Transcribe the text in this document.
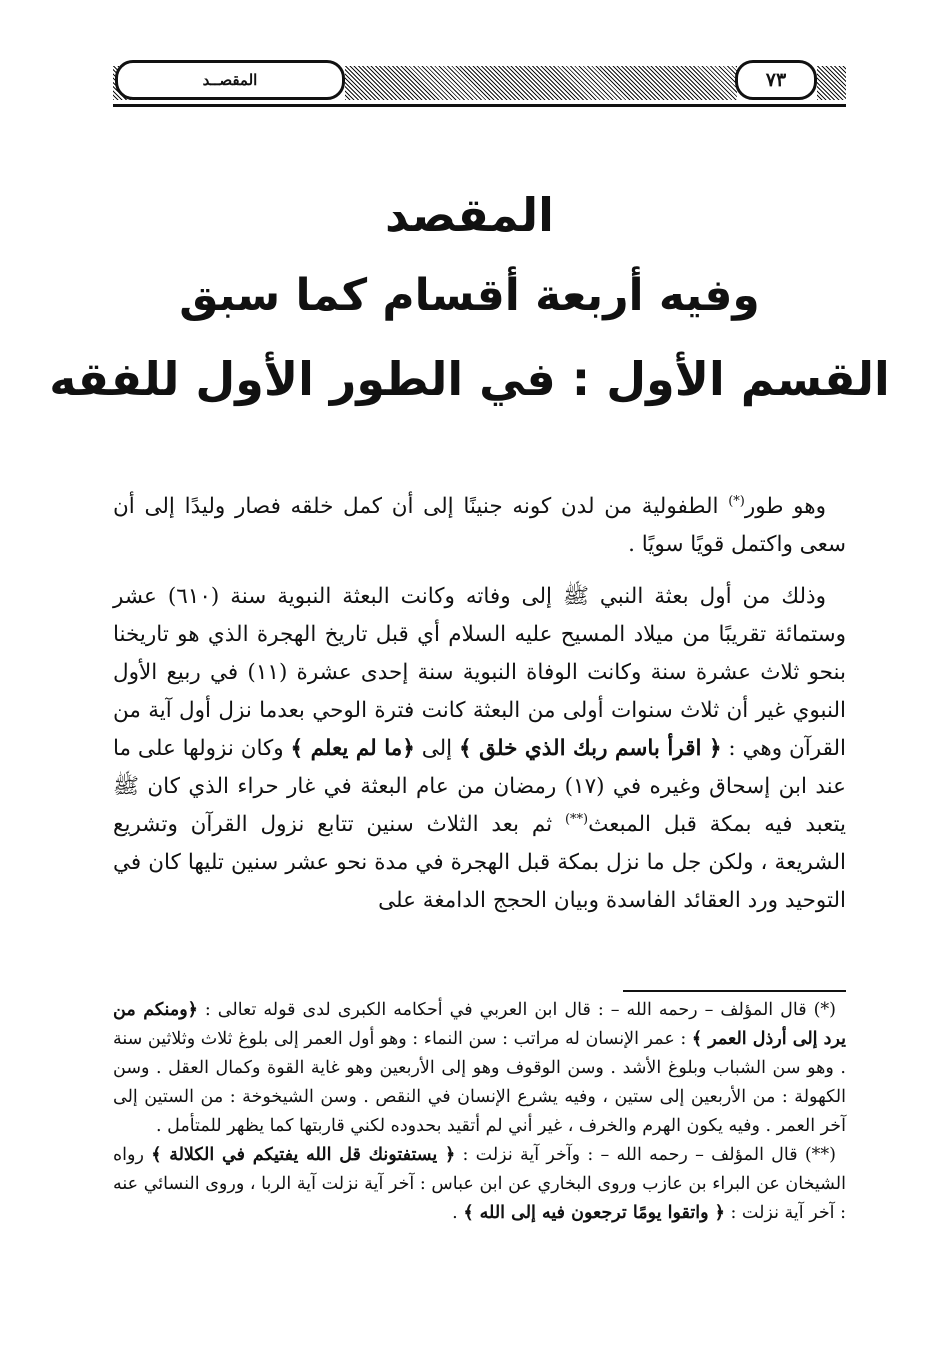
المقصــد	٧٣
المقصد
وفيه أربعة أقسام كما سبق
القسم الأول : في الطور الأول للفقه

وهو طور(*) الطفولية من لدن كونه جنينًا إلى أن كمل خلقه فصار وليدًا إلى أن سعى واكتمل قويًا سويًا .

وذلك من أول بعثة النبي ﷺ إلى وفاته وكانت البعثة النبوية سنة (٦١٠) عشر وستمائة تقريبًا من ميلاد المسيح عليه السلام أي قبل تاريخ الهجرة الذي هو تاريخنا بنحو ثلاث عشرة سنة وكانت الوفاة النبوية سنة إحدى عشرة (١١) في ربيع الأول النبوي غير أن ثلاث سنوات أولى من البعثة كانت فترة الوحي بعدما نزل أول آية من القرآن وهي : ﴿ اقرأ باسم ربك الذي خلق ﴾ إلى ﴿ما لم يعلم ﴾ وكان نزولها على ما عند ابن إسحاق وغيره في (١٧) رمضان من عام البعثة في غار حراء الذي كان ﷺ يتعبد فيه بمكة قبل المبعث(**) ثم بعد الثلاث سنين تتابع نزول القرآن وتشريع الشريعة ، ولكن جل ما نزل بمكة قبل الهجرة في مدة نحو عشر سنين تليها كان في التوحيد ورد العقائد الفاسدة وبيان الحجج الدامغة على

(*) قال المؤلف – رحمه الله – : قال ابن العربي في أحكامه الكبرى لدى قوله تعالى : ﴿ومنكم من يرد إلى أرذل العمر ﴾ : عمر الإنسان له مراتب : سن النماء : وهو أول العمر إلى بلوغ ثلاث وثلاثين سنة . وهو سن الشباب وبلوغ الأشد . وسن الوقوف وهو إلى الأربعين وهو غاية القوة وكمال العقل . وسن الكهولة : من الأربعين إلى ستين ، وفيه يشرع الإنسان في النقص . وسن الشيخوخة : من الستين إلى آخر العمر . وفيه يكون الهرم والخرف ، غير أني لم أتقيد بحدوده لكني قاربتها كما يظهر للمتأمل .

(**) قال المؤلف – رحمه الله – : وآخر آية نزلت : ﴿ يستفتونك قل الله يفتيكم في الكلالة ﴾ رواه الشيخان عن البراء بن عازب وروى البخاري عن ابن عباس : آخر آية نزلت آية الربا ، وروى النسائي عنه : آخر آية نزلت : ﴿ واتقوا يومًا ترجعون فيه إلى الله ﴾ .
